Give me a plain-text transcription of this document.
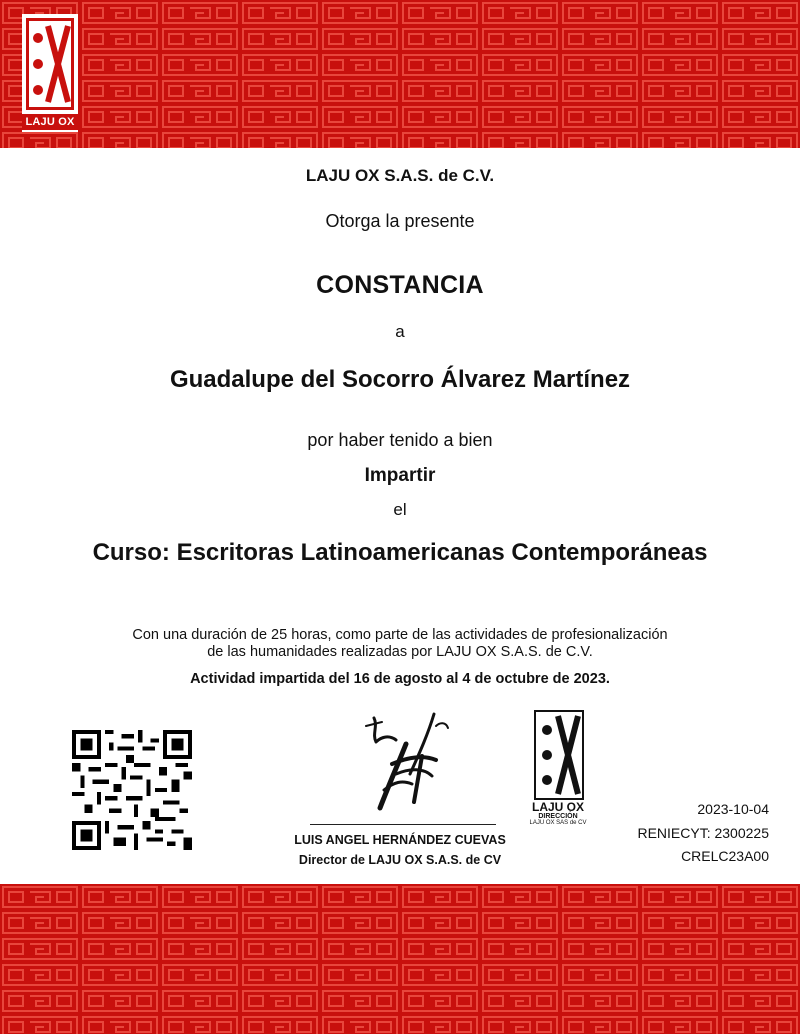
LAJU OX
LAJU OX S.A.S. de C.V.
Otorga la presente
CONSTANCIA
a
Guadalupe del Socorro Álvarez Martínez
por haber tenido a bien
Impartir
el
Curso: Escritoras Latinoamericanas Contemporáneas
Con una duración de 25 horas, como parte de las actividades de profesionalización
de las humanidades realizadas por LAJU OX S.A.S. de C.V.
Actividad impartida del 16 de agosto al 4 de octubre de 2023.
LUIS ANGEL HERNÁNDEZ CUEVAS
Director de LAJU OX S.A.S. de CV
LAJU OX
DIRECCIÓN
LAJU OX SAS de CV
2023-10-04
RENIECYT: 2300225
CRELC23A00
